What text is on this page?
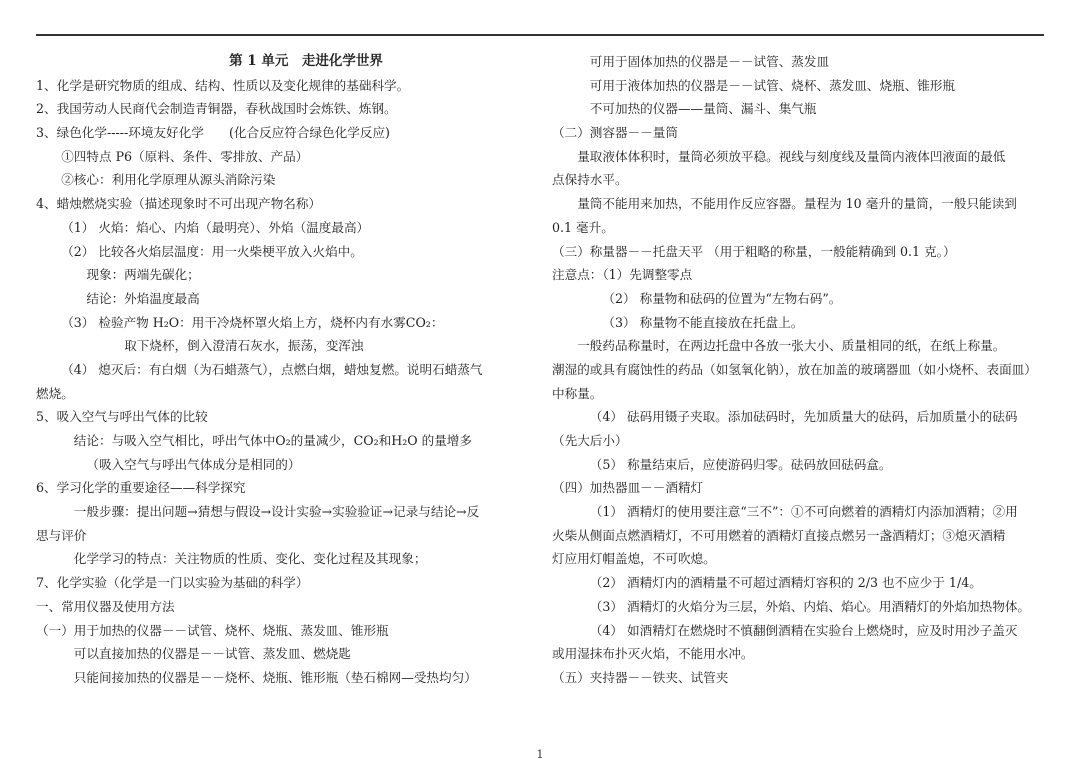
第 1 单元　走进化学世界
1、化学是研究物质的组成、结构、性质以及变化规律的基础科学。
2、我国劳动人民商代会制造青铜器，春秋战国时会炼铁、炼钢。
3、绿色化学-----环境友好化学　　(化合反应符合绿色化学反应)
①四特点 P6（原料、条件、零排放、产品）
②核心：利用化学原理从源头消除污染
4、蜡烛燃烧实验（描述现象时不可出现产物名称）
（1） 火焰：焰心、内焰（最明亮）、外焰（温度最高）
（2） 比较各火焰层温度：用一火柴梗平放入火焰中。
现象：两端先碳化；
结论：外焰温度最高
（3） 检验产物 H₂O：用干冷烧杯罩火焰上方，烧杯内有水雾CO₂：
取下烧杯，倒入澄清石灰水，振荡，变浑浊
（4） 熄灭后：有白烟（为石蜡蒸气），点燃白烟，蜡烛复燃。说明石蜡蒸气
燃烧。
5、吸入空气与呼出气体的比较
结论：与吸入空气相比，呼出气体中O₂的量减少，CO₂和H₂O 的量增多
（吸入空气与呼出气体成分是相同的）
6、学习化学的重要途径——科学探究
一般步骤：提出问题→猜想与假设→设计实验→实验验证→记录与结论→反
思与评价
化学学习的特点：关注物质的性质、变化、变化过程及其现象；
7、化学实验（化学是一门以实验为基础的科学）
一、常用仪器及使用方法
（一）用于加热的仪器－－试管、烧杯、烧瓶、蒸发皿、锥形瓶
可以直接加热的仪器是－－试管、蒸发皿、燃烧匙
只能间接加热的仪器是－－烧杯、烧瓶、锥形瓶（垫石棉网—受热均匀）
可用于固体加热的仪器是－－试管、蒸发皿
可用于液体加热的仪器是－－试管、烧杯、蒸发皿、烧瓶、锥形瓶
不可加热的仪器——量筒、漏斗、集气瓶
（二）测容器－－量筒
量取液体体积时，量筒必须放平稳。视线与刻度线及量筒内液体凹液面的最低
点保持水平。
量筒不能用来加热，不能用作反应容器。量程为 10 毫升的量筒，一般只能读到
0.1 毫升。
（三）称量器－－托盘天平 （用于粗略的称量，一般能精确到 0.1 克。）
注意点：（1）先调整零点
（2） 称量物和砝码的位置为“左物右码”。
（3） 称量物不能直接放在托盘上。
一般药品称量时，在两边托盘中各放一张大小、质量相同的纸，在纸上称量。
潮湿的或具有腐蚀性的药品（如氢氧化钠），放在加盖的玻璃器皿（如小烧杯、表面皿）
中称量。
（4） 砝码用镊子夹取。添加砝码时，先加质量大的砝码，后加质量小的砝码
（先大后小）
（5） 称量结束后，应使游码归零。砝码放回砝码盒。
（四）加热器皿－－酒精灯
（1） 酒精灯的使用要注意“三不”：①不可向燃着的酒精灯内添加酒精；②用
火柴从侧面点燃酒精灯，不可用燃着的酒精灯直接点燃另一盏酒精灯；③熄灭酒精
灯应用灯帽盖熄，不可吹熄。
（2） 酒精灯内的酒精量不可超过酒精灯容积的 2/3 也不应少于 1/4。
（3） 酒精灯的火焰分为三层，外焰、内焰、焰心。用酒精灯的外焰加热物体。
（4） 如酒精灯在燃烧时不慎翻倒酒精在实验台上燃烧时，应及时用沙子盖灭
或用湿抹布扑灭火焰，不能用水冲。
（五）夹持器－－铁夹、试管夹
1
